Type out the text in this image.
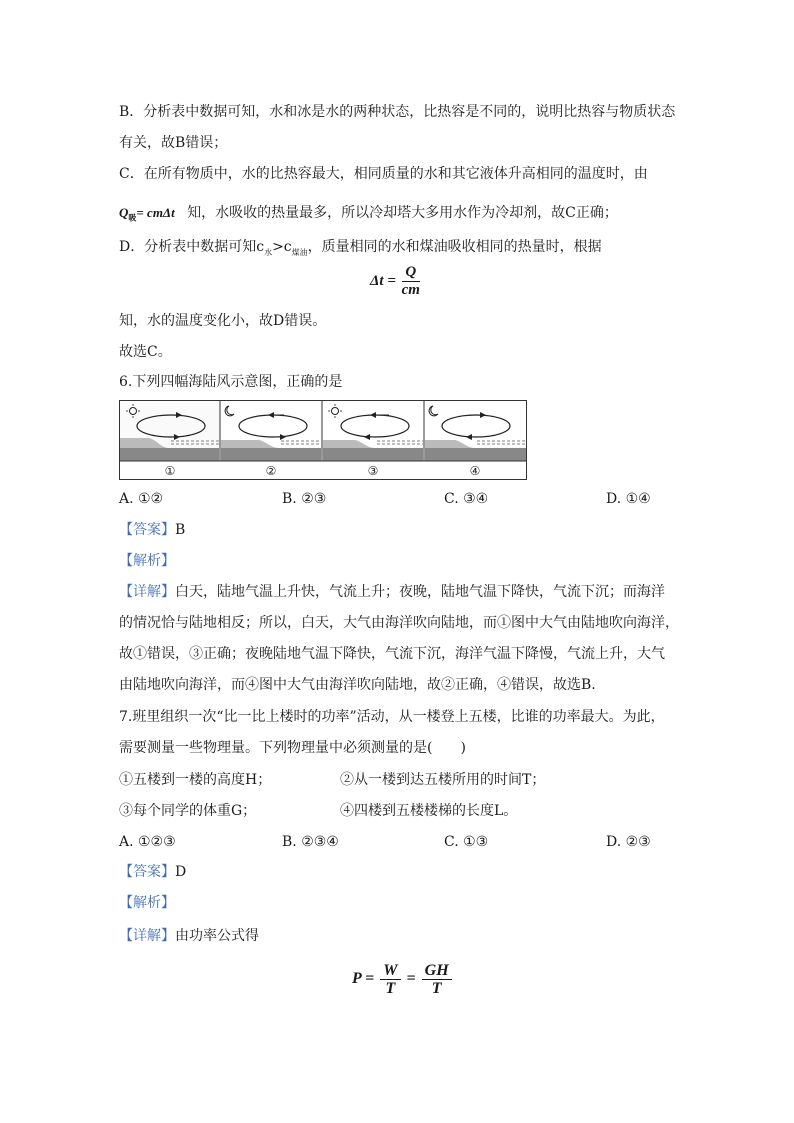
B．分析表中数据可知，水和冰是水的两种状态，比热容是不同的，说明比热容与物质状态
有关，故B错误；
C．在所有物质中，水的比热容最大，相同质量的水和其它液体升高相同的温度时，由
$Q_吸= cm\Delta t$ 知，水吸收的热量最多，所以冷却塔大多用水作为冷却剂，故C正确；
D．分析表中数据可知$c_水>c_{煤油}$，质量相同的水和煤油吸收相同的热量时，根据
$\Delta t = \frac{Q}{cm}$
知，水的温度变化小，故D错误。
故选C。
6.下列四幅海陆风示意图，正确的是
①	②	③	④
A. ①②	B. ②③	C. ③④	D. ①④
【答案】B
【解析】
【详解】白天，陆地气温上升快，气流上升；夜晚，陆地气温下降快，气流下沉；而海洋
的情况恰与陆地相反；所以，白天，大气由海洋吹向陆地，而①图中大气由陆地吹向海洋，
故①错误，③正确；夜晚陆地气温下降快，气流下沉，海洋气温下降慢，气流上升，大气
由陆地吹向海洋，而④图中大气由海洋吹向陆地，故②正确，④错误，故选B.
7.班里组织一次“比一比上楼时的功率”活动，从一楼登上五楼，比谁的功率最大。为此，
需要测量一些物理量。下列物理量中必须测量的是(　　)
①五楼到一楼的高度H；	②从一楼到达五楼所用的时间T；
③每个同学的体重G；	④四楼到五楼楼梯的长度L。
A. ①②③	B. ②③④	C. ①③	D. ②③
【答案】D
【解析】
【详解】由功率公式得
$P = \frac{W}{T} = \frac{GH}{T}$
